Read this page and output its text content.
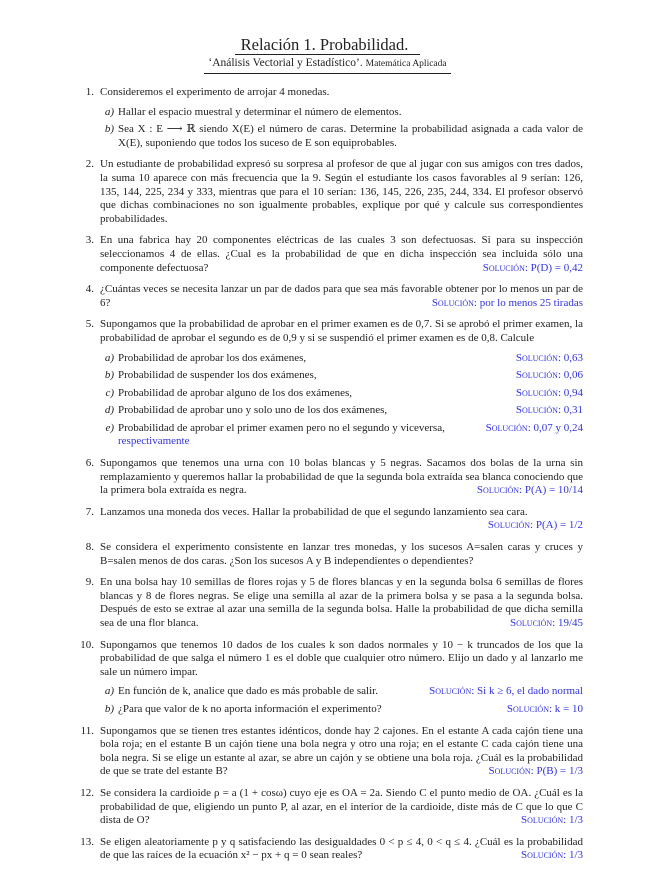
Relación 1. Probabilidad.
‘Análisis Vectorial y Estadístico’. Matemática Aplicada
1. Consideremos el experimento de arrojar 4 monedas.
a) Hallar el espacio muestral y determinar el número de elementos.
b) Sea X : E ⟶ ℝ siendo X(E) el número de caras. Determine la probabilidad asignada a cada valor de X(E), suponiendo que todos los suceso de E son equiprobables.
2. Un estudiante de probabilidad expresó su sorpresa al profesor de que al jugar con sus amigos con tres dados, la suma 10 aparece con más frecuencia que la 9. Según el estudiante los casos favorables al 9 serían: 126, 135, 144, 225, 234 y 333, mientras que para el 10 serían: 136, 145, 226, 235, 244, 334. El profesor observó que dichas combinaciones no son igualmente probables, explique por qué y calcule sus correspondientes probabilidades.
3. En una fabrica hay 20 componentes eléctricas de las cuales 3 son defectuosas. Si para su inspección seleccionamos 4 de ellas. ¿Cual es la probabilidad de que en dicha inspección sea incluida sólo una componente defectuosa?	Solución: P(D) = 0,42
4. ¿Cuántas veces se necesita lanzar un par de dados para que sea más favorable obtener por lo menos un par de 6?	Solución: por lo menos 25 tiradas
5. Supongamos que la probabilidad de aprobar en el primer examen es de 0,7. Si se aprobó el primer examen, la probabilidad de aprobar el segundo es de 0,9 y si se suspendió el primer examen es de 0,8. Calcule
a) Probabilidad de aprobar los dos exámenes,	Solución: 0,63
b) Probabilidad de suspender los dos exámenes,	Solución: 0,06
c) Probabilidad de aprobar alguno de los dos exámenes,	Solución: 0,94
d) Probabilidad de aprobar uno y solo uno de los dos exámenes,	Solución: 0,31
e) Probabilidad de aprobar el primer examen pero no el segundo y viceversa,	Solución: 0,07 y 0,24
respectivamente
6. Supongamos que tenemos una urna con 10 bolas blancas y 5 negras. Sacamos dos bolas de la urna sin remplazamiento y queremos hallar la probabilidad de que la segunda bola extraída sea blanca conociendo que la primera bola extraída es negra.	Solución: P(A) = 10/14
7. Lanzamos una moneda dos veces. Hallar la probabilidad de que el segundo lanzamiento sea cara.
Solución: P(A) = 1/2
8. Se considera el experimento consistente en lanzar tres monedas, y los sucesos A=salen caras y cruces y B=salen menos de dos caras. ¿Son los sucesos A y B independientes o dependientes?
9. En una bolsa hay 10 semillas de flores rojas y 5 de flores blancas y en la segunda bolsa 6 semillas de flores blancas y 8 de flores negras. Se elige una semilla al azar de la primera bolsa y se pasa a la segunda bolsa. Después de esto se extrae al azar una semilla de la segunda bolsa. Halle la probabilidad de que dicha semilla sea de una flor blanca.	Solución: 19/45
10. Supongamos que tenemos 10 dados de los cuales k son dados normales y 10 − k truncados de los que la probabilidad de que salga el número 1 es el doble que cualquier otro número. Elijo un dado y al lanzarlo me sale un número impar.
a) En función de k, analice que dado es más probable de salir.	Solución: Si k ≥ 6, el dado normal
b) ¿Para que valor de k no aporta información el experimento?	Solución: k = 10
11. Supongamos que se tienen tres estantes idénticos, donde hay 2 cajones. En el estante A cada cajón tiene una bola roja; en el estante B un cajón tiene una bola negra y otro una roja; en el estante C cada cajón tiene una bola negra. Si se elige un estante al azar, se abre un cajón y se obtiene una bola roja. ¿Cuál es la probabilidad de que se trate del estante B?	Solución: P(B) = 1/3
12. Se considera la cardioide ρ = a (1 + cosω) cuyo eje es OA = 2a. Siendo C el punto medio de OA. ¿Cuál es la probabilidad de que, eligiendo un punto P, al azar, en el interior de la cardioide, diste más de C que lo que C dista de O?	Solución: 1/3
13. Se eligen aleatoriamente p y q satisfaciendo las desigualdades 0 < p ≤ 4, 0 < q ≤ 4. ¿Cuál es la probabilidad de que las raíces de la ecuación x² − px + q = 0 sean reales?	Solución: 1/3
